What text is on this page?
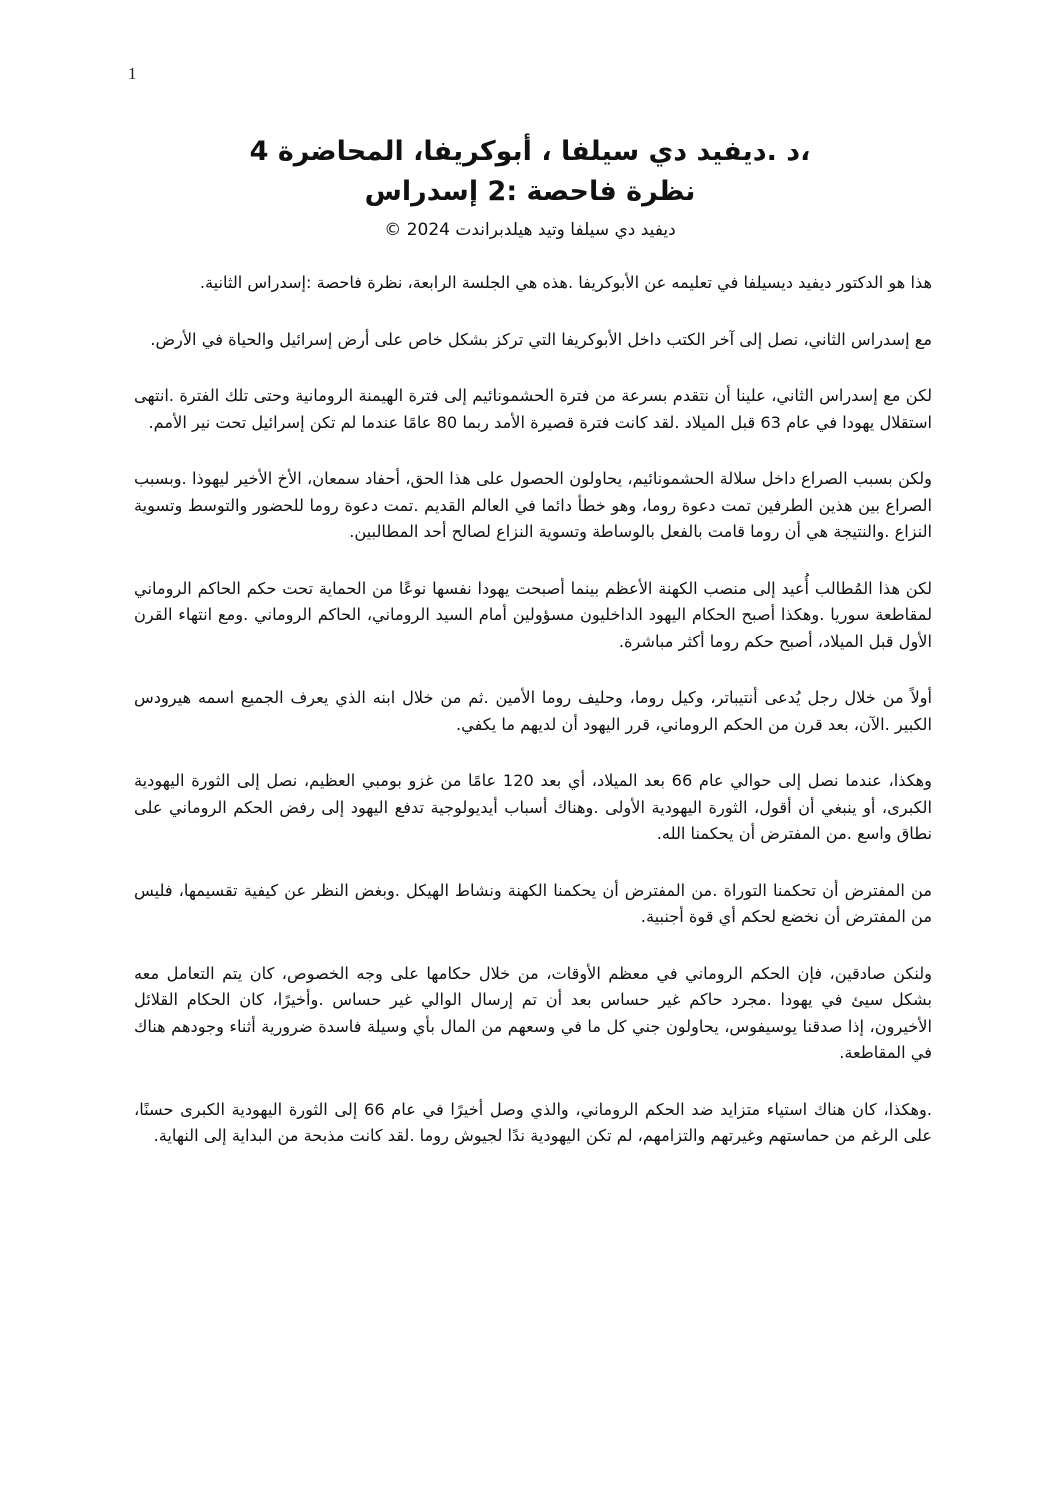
1
،د .ديفيد دي سيلفا ، أبوكريفا، المحاضرة 4
نظرة فاحصة :2 إسدراس
ديفيد دي سيلفا وتيد هيلدبراندت 2024 ©

هذا هو الدكتور ديفيد ديسيلفا في تعليمه عن الأبوكريفا .هذه هي الجلسة الرابعة، نظرة فاحصة :إسدراس الثانية.

مع إسدراس الثاني، نصل إلى آخر الكتب داخل الأبوكريفا التي تركز بشكل خاص على أرض إسرائيل والحياة في الأرض.

لكن مع إسدراس الثاني، علينا أن نتقدم بسرعة من فترة الحشمونائيم إلى فترة الهيمنة الرومانية وحتى تلك الفترة .انتهى استقلال يهودا في عام 63 قبل الميلاد .لقد كانت فترة قصيرة الأمد ربما 80 عامًا عندما لم تكن إسرائيل تحت نير الأمم.

ولكن بسبب الصراع داخل سلالة الحشمونائيم، يحاولون الحصول على هذا الحق، أحفاد سمعان، الأخ الأخير ليهوذا .وبسبب الصراع بين هذين الطرفين تمت دعوة روما، وهو خطأ دائما في العالم القديم .تمت دعوة روما للحضور والتوسط وتسوية النزاع .والنتيجة هي أن روما قامت بالفعل بالوساطة وتسوية النزاع لصالح أحد المطالبين.

لكن هذا المُطالب أُعيد إلى منصب الكهنة الأعظم بينما أصبحت يهودا نفسها نوعًا من الحماية تحت حكم الحاكم الروماني لمقاطعة سوريا .وهكذا أصبح الحكام اليهود الداخليون مسؤولين أمام السيد الروماني، الحاكم الروماني .ومع انتهاء القرن الأول قبل الميلاد، أصبح حكم روما أكثر مباشرة.

أولاً من خلال رجل يُدعى أنتيباتر، وكيل روما، وحليف روما الأمين .ثم من خلال ابنه الذي يعرف الجميع اسمه هيرودس الكبير .الآن، بعد قرن من الحكم الروماني، قرر اليهود أن لديهم ما يكفي.

وهكذا، عندما نصل إلى حوالي عام 66 بعد الميلاد، أي بعد 120 عامًا من غزو بومبي العظيم، نصل إلى الثورة اليهودية الكبرى، أو ينبغي أن أقول، الثورة اليهودية الأولى .وهناك أسباب أيديولوجية تدفع اليهود إلى رفض الحكم الروماني على نطاق واسع .من المفترض أن يحكمنا الله.

من المفترض أن تحكمنا التوراة .من المفترض أن يحكمنا الكهنة ونشاط الهيكل .وبغض النظر عن كيفية تقسيمها، فليس من المفترض أن نخضع لحكم أي قوة أجنبية.

ولنكن صادقين، فإن الحكم الروماني في معظم الأوقات، من خلال حكامها على وجه الخصوص، كان يتم التعامل معه بشكل سيئ في يهودا .مجرد حاكم غير حساس بعد أن تم إرسال الوالي غير حساس .وأخيرًا، كان الحكام القلائل الأخيرون، إذا صدقنا يوسيفوس، يحاولون جني كل ما في وسعهم من المال بأي وسيلة فاسدة ضرورية أثناء وجودهم هناك في المقاطعة.

.وهكذا، كان هناك استياء متزايد ضد الحكم الروماني، والذي وصل أخيرًا في عام 66 إلى الثورة اليهودية الكبرى حسنًا، على الرغم من حماستهم وغيرتهم والتزامهم، لم تكن اليهودية ندًا لجيوش روما .لقد كانت مذبحة من البداية إلى النهاية.
